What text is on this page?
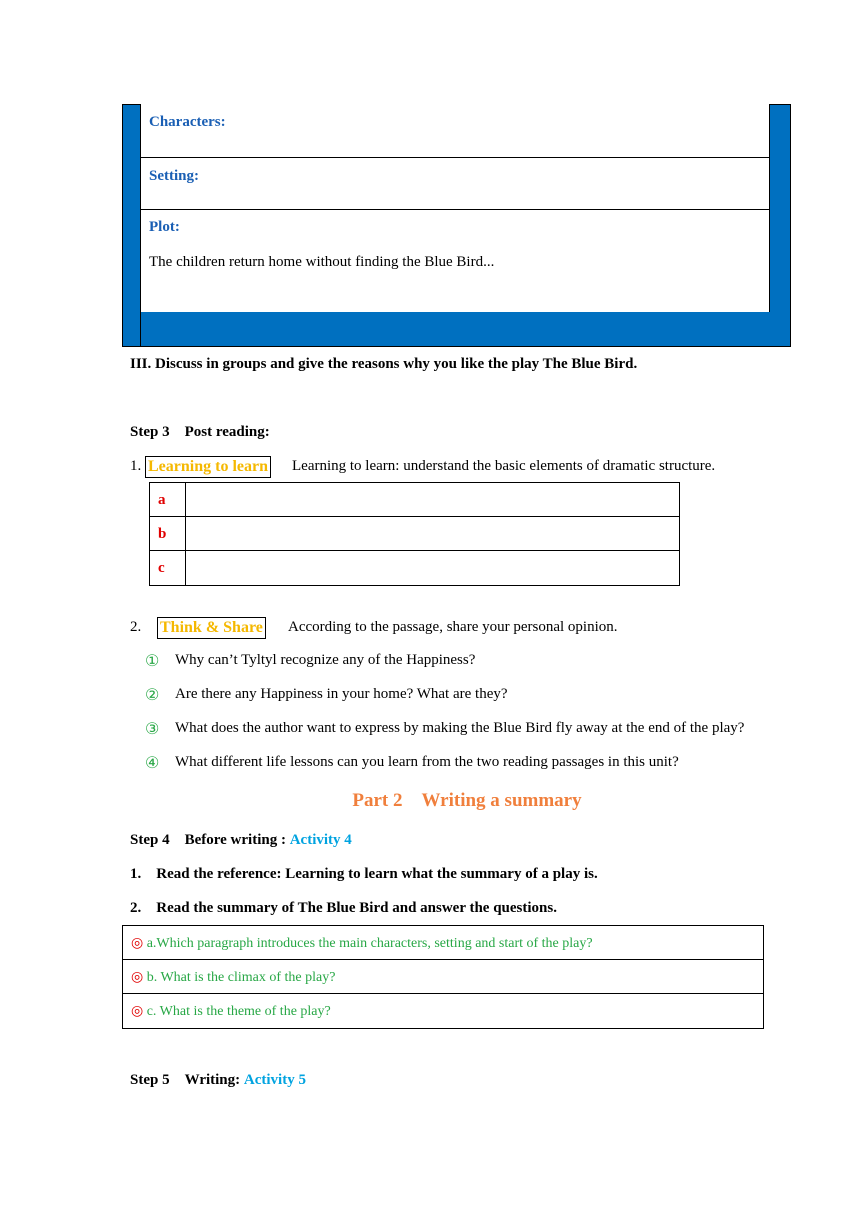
Characters:
Setting:
Plot:
The children return home without finding the Blue Bird...
III. Discuss in groups and give the reasons why you like the play The Blue Bird.
Step 3 Post reading:
1. Learning to learn Learning to learn: understand the basic elements of dramatic structure.
a
b
c
2. Think & Share According to the passage, share your personal opinion.
① Why can’t Tyltyl recognize any of the Happiness?
② Are there any Happiness in your home? What are they?
③ What does the author want to express by making the Blue Bird fly away at the end of the play?
④ What different life lessons can you learn from the two reading passages in this unit?
Part 2 Writing a summary
Step 4 Before writing : Activity 4
1. Read the reference: Learning to learn what the summary of a play is.
2. Read the summary of The Blue Bird and answer the questions.
◎ a.Which paragraph introduces the main characters, setting and start of the play?
◎ b. What is the climax of the play?
◎ c. What is the theme of the play?
Step 5 Writing: Activity 5
